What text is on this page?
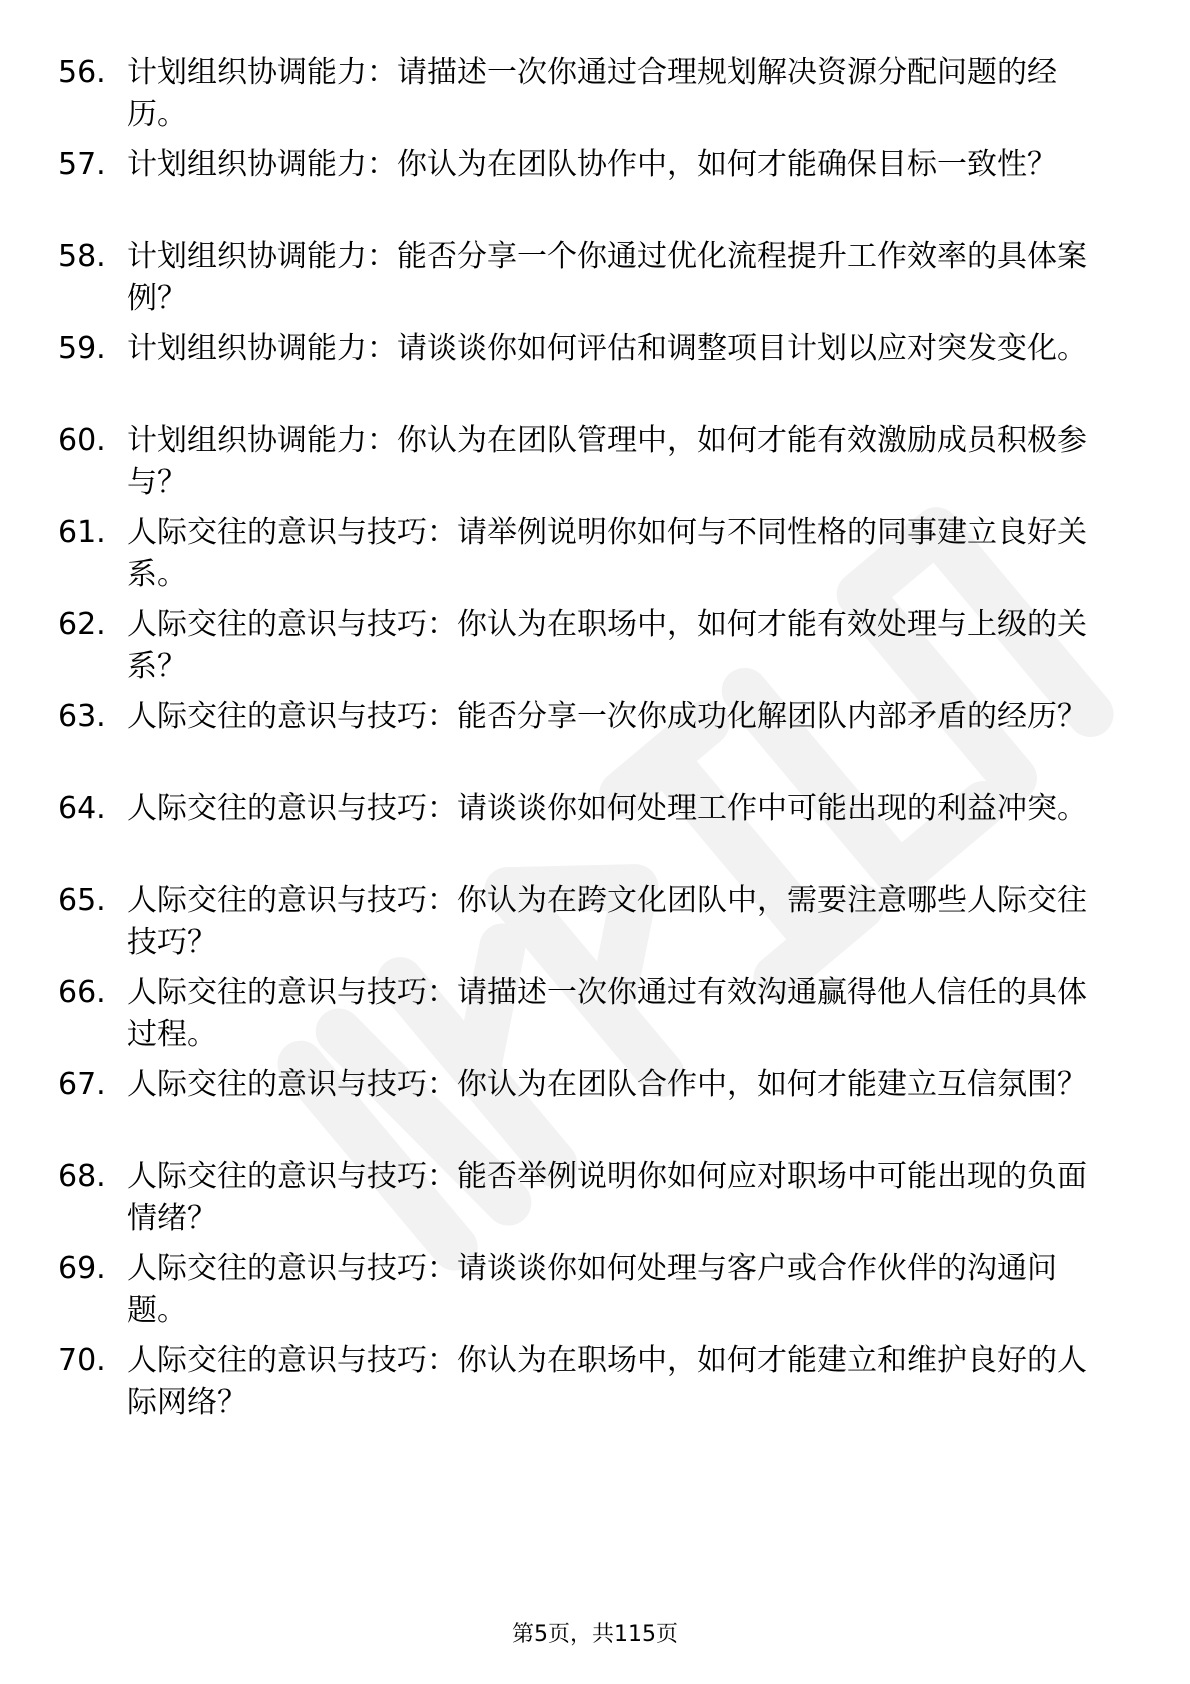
56. 计划组织协调能力：请描述一次你通过合理规划解决资源分配问题的经历。
57. 计划组织协调能力：你认为在团队协作中，如何才能确保目标一致性？
58. 计划组织协调能力：能否分享一个你通过优化流程提升工作效率的具体案例？
59. 计划组织协调能力：请谈谈你如何评估和调整项目计划以应对突发变化。
60. 计划组织协调能力：你认为在团队管理中，如何才能有效激励成员积极参与？
61. 人际交往的意识与技巧：请举例说明你如何与不同性格的同事建立良好关系。
62. 人际交往的意识与技巧：你认为在职场中，如何才能有效处理与上级的关系？
63. 人际交往的意识与技巧：能否分享一次你成功化解团队内部矛盾的经历？
64. 人际交往的意识与技巧：请谈谈你如何处理工作中可能出现的利益冲突。
65. 人际交往的意识与技巧：你认为在跨文化团队中，需要注意哪些人际交往技巧？
66. 人际交往的意识与技巧：请描述一次你通过有效沟通赢得他人信任的具体过程。
67. 人际交往的意识与技巧：你认为在团队合作中，如何才能建立互信氛围？
68. 人际交往的意识与技巧：能否举例说明你如何应对职场中可能出现的负面情绪？
69. 人际交往的意识与技巧：请谈谈你如何处理与客户或合作伙伴的沟通问题。
70. 人际交往的意识与技巧：你认为在职场中，如何才能建立和维护良好的人际网络？
第5页，共115页
